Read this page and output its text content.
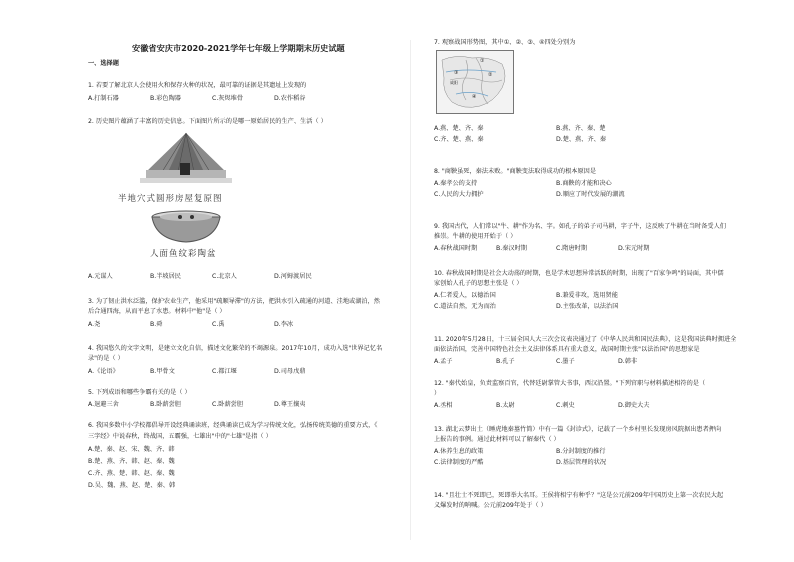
安徽省安庆市2020-2021学年七年级上学期期末历史试题
一、选择题
1. 若要了解北京人会使用火和保存火种的状况，最可靠的证据是其遗址上发现的
A.打制石器	B.彩色陶器	C.灰烬堆骨	D.农作稻谷
2. 历史图片蕴涵了丰富的历史信息。下面图片所示的是哪一原始居民的生产、生活（ ）
半地穴式圆形房屋复原图
人面鱼纹彩陶盆
A.元谋人	B.半坡居民	C.北京人	D.河姆渡居民
3. 为了韧止洪水泛滥，保护农业生产，他采用"疏顺导滞"的方法，把洪水引入疏通的河道、洼地或湖泊，然
后合通四海，从而平息了水患。材料中"他"是（ ）
A.尧	B.舜	C.禹	D.李冰
4. 我国悠久的文字文明，是建立文化自信，描述文化繁荣的不竭源泉。2017年10月，成功入选"世界记忆名
录"的是（ ）
A.《论语》	B.甲骨文	C.都江堰	D.司母戊鼎
5. 下列成语和哪些争霸有关的是（ ）
A.退避三舍	B.卧薪尝胆	C.卧薪尝胆	D.尊王攘夷
6. 我国多数中小学校都倡导开设经典诵读班，经典诵读已成为学习传统文化，弘扬传统美德的重要方式，《
三字经》中说春秋，终战国，五霸强，七雄出"中的"七雄"是指（ ）
A.楚、秦、赵、宋、魏、齐、韩
B.楚、燕、齐、韩、赵、秦、魏
C.齐、燕、楚、韩、赵、秦、魏
D.吴、魏、燕、赵、楚、秦、韩
7. 观察战国形势图，其中①、②、③、④四处分别为
①
②
③
④
咸阳
A.燕、楚、齐、秦	B.燕、齐、秦、楚
C.齐、楚、燕、秦	D.楚、燕、齐、秦
8. "商鞅虽死，秦法未败。"商鞅变法取得成功的根本原因是
A.秦孝公的支持	B.商鞅的才能和决心
C.人民的大力拥护	D.顺应了时代发展的潮流
9. 我国古代，人们常以"牛、耕"作为名、字。如孔子的弟子司马耕，字子牛，这反映了牛耕在当时备受人们
推崇。牛耕的使用开始于（ ）
A.春秋战国时期	B.秦汉时期	C.隋唐时期	D.宋元时期
10. 春秋战国时期是社会大动荡的时期，也是学术思想异常活跃的时期，出现了"百家争鸣"的局面，其中儒
家创始人孔子的思想主张是（ ）
A.仁者爱人，以德治国	B.兼爱非攻，选用贤能
C.道法自然，无为而治	D.主张改革，以法治国
11. 2020年5月28日，十三届全国人大三次会议表决通过了《中华人民共和国民法典》，这是我国法典时拥进全
面依法治国，完善中国特色社会主义法律体系具有重大意义，战国时期主张"以法治国"的思想家是
A.孟子	B.孔子	C.墨子	D.韩非
12. "秦代始皇，负责监察百官，代替廷尉掌管大书事，西汉沿置。"下列官职与材料描述相符的是（
）
A.丞相	B.太尉	C.刺史	D.御史大夫
13. 湖北云梦出土（睡虎地秦墓竹简）中有一篇《封诊式》，记载了一个乡村里长发现房风院据出患者押向
上报告的事例。通过此材料可以了解秦代（ ）
A.休养生息的政策	B.分封制度的推行
C.法律制度的严酷	D.基层管理的状况
14. "且壮士不死即已，死即举大名耳。王侯将相宁有种乎？"这是公元前209年中国历史上第一次农民大起
义爆发时的呐喊。公元前209年处于（ ）
